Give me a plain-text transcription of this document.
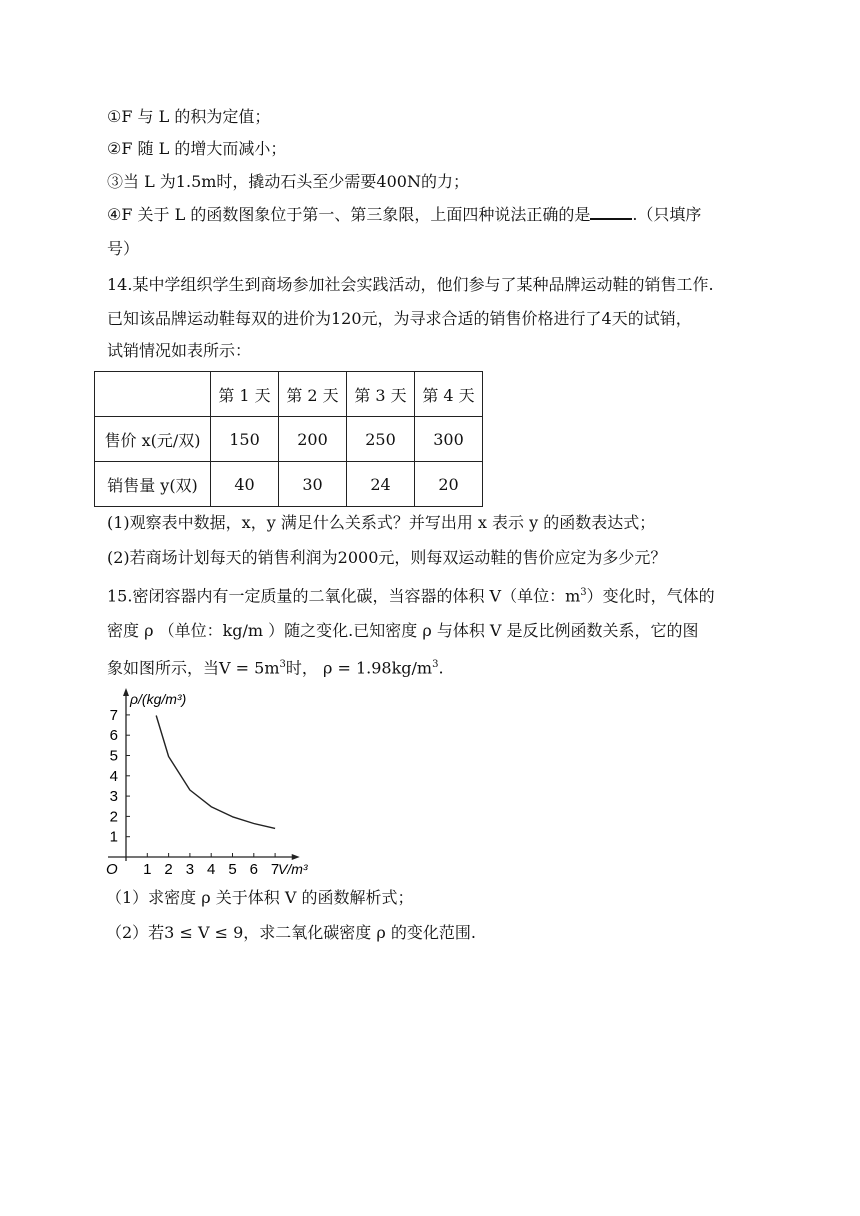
①F 与 L 的积为定值；
②F 随 L 的增大而减小；
③当 L 为1.5m时，撬动石头至少需要400N的力；
④F 关于 L 的函数图象位于第一、第三象限，上面四种说法正确的是	.（只填序
号）
14.某中学组织学生到商场参加社会实践活动，他们参与了某种品牌运动鞋的销售工作.
已知该品牌运动鞋每双的进价为120元，为寻求合适的销售价格进行了4天的试销，
试销情况如表所示：
	第 1 天	第 2 天	第 3 天	第 4 天
售价 x(元/双)	150	200	250	300
销售量 y(双)	40	30	24	20
(1)观察表中数据，x，y 满足什么关系式？并写出用 x 表示 y 的函数表达式；
(2)若商场计划每天的销售利润为2000元，则每双运动鞋的售价应定为多少元？
15.密闭容器内有一定质量的二氧化碳，当容器的体积 V（单位：$m^3$）变化时，气体的
密度 ρ （单位：kg/m ）随之变化.已知密度 ρ 与体积 V 是反比例函数关系，它的图
象如图所示，当$V = 5m^3$时， $\rho = 1.98kg/m^3$.
1 2 3 4 5 6 7
1
2
3
4
5
6
7
ρ/(kg/m³)
V/m³
O
（1）求密度 ρ 关于体积 V 的函数解析式；
（2）若3 ≤ V ≤ 9，求二氧化碳密度 ρ 的变化范围.
